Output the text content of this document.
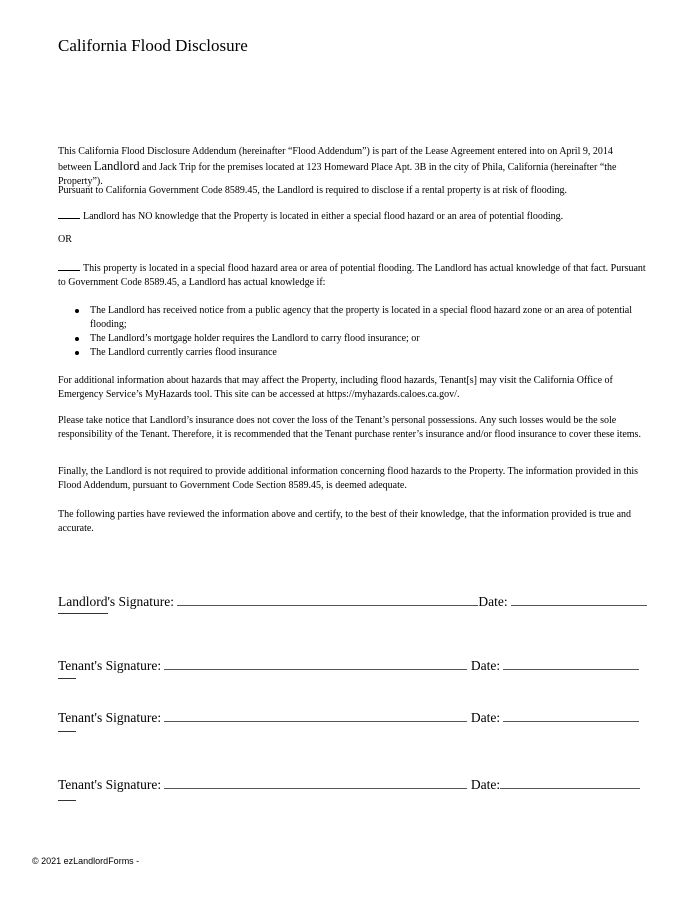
California Flood Disclosure
This California Flood Disclosure Addendum (hereinafter “Flood Addendum”) is part of the Lease Agreement entered into on April 9, 2014 between Landlord and Jack Trip for the premises located at 123 Homeward Place Apt. 3B in the city of Phila, California (hereinafter “the Property”).
Pursuant to California Government Code 8589.45, the Landlord is required to disclose if a rental property is at risk of flooding.
Landlord has NO knowledge that the Property is located in either a special flood hazard or an area of potential flooding.
OR
This property is located in a special flood hazard area or area of potential flooding. The Landlord has actual knowledge of that fact. Pursuant to Government Code 8589.45, a Landlord has actual knowledge if:
The Landlord has received notice from a public agency that the property is located in a special flood hazard zone or an area of potential flooding;
The Landlord’s mortgage holder requires the Landlord to carry flood insurance; or
The Landlord currently carries flood insurance
For additional information about hazards that may affect the Property, including flood hazards, Tenant[s] may visit the California Office of Emergency Service’s MyHazards tool. This site can be accessed at https://myhazards.caloes.ca.gov/.
Please take notice that Landlord’s insurance does not cover the loss of the Tenant’s personal possessions. Any such losses would be the sole responsibility of the Tenant. Therefore, it is recommended that the Tenant purchase renter’s insurance and/or flood insurance to cover these items.
Finally, the Landlord is not required to provide additional information concerning flood hazards to the Property. The information provided in this Flood Addendum, pursuant to Government Code Section 8589.45, is deemed adequate.
The following parties have reviewed the information above and certify, to the best of their knowledge, that the information provided is true and accurate.
Landlord's Signature:	Date:
Tenant's Signature:	Date:
Tenant's Signature:	Date:
Tenant's Signature:	Date:
© 2021 ezLandlordForms -
